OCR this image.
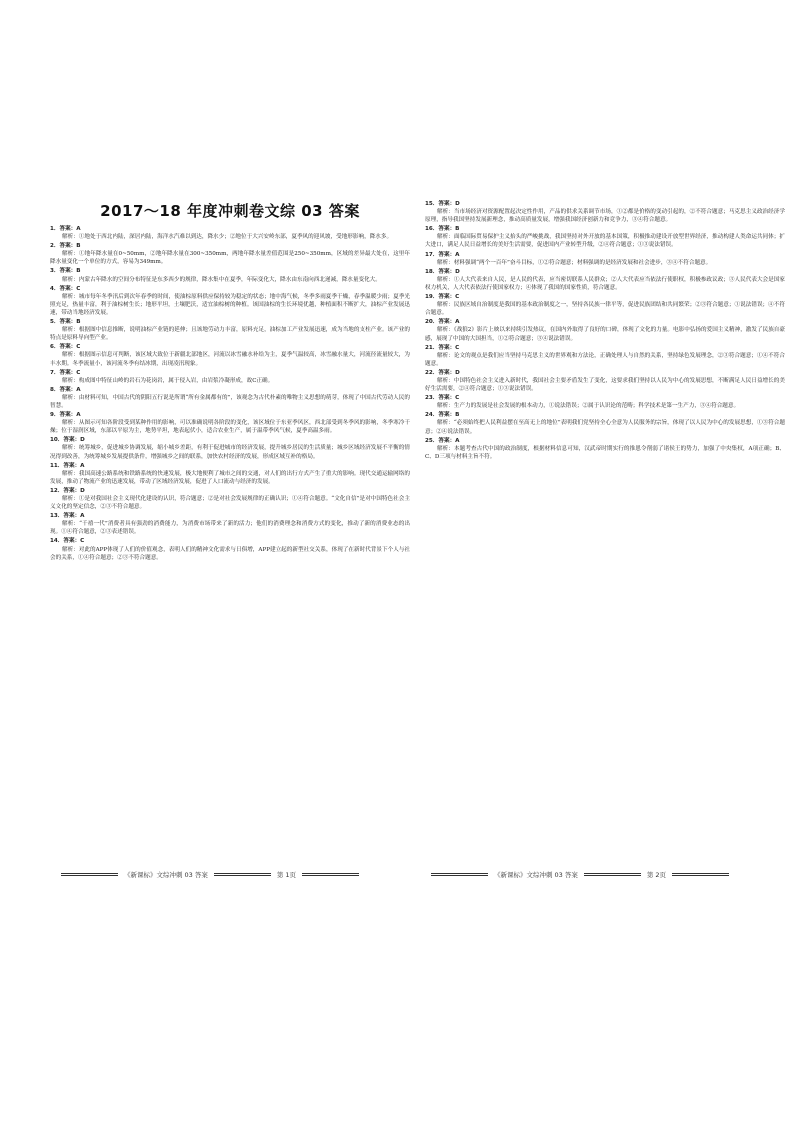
2017～18 年度冲刺卷文综 03 答案
1．答案：A
解析：①地处于西北内陆，深居内陆，海洋水汽难以到达，降水少；②地位于大兴安岭东部，夏季风的迎风坡，受地形影响，降水多。
2．答案：B
解析：①地年降水量在0~50mm，②地年降水量在300~350mm，两地年降水量差值范围是250~350mm，区域的差异最大处在，这里年降水量变化一个单位的方式，容易为349mm。
3．答案：B
解析：内蒙古年降水的空间分布特征是东多西少的规律，降水集中在夏季，年际变化大，降水由东南向西北递减，降水量变化大。
4．答案：C
解析：城市每年冬季汛后到次年春季的时间，使油棕原料供应保持较为稳定的状态；地中海气候，冬季多雨夏季干燥，春季温暖少雨；夏季光照充足，热量丰富，利于油棕树生长；地形平坦，土壤肥沃，适宜油棕树的种植。该国油棕的生长环境优越，种植面积不断扩大，油棕产业发展迅速，带动当地经济发展。
5．答案：B
解析：根据图中信息推断，说明油棕产业链的延伸；且该地劳动力丰富，原料充足，油棕加工产业发展迅速，成为当地的支柱产业。该产业的特点是原料导向型产业。
6．答案：C
解析：根据图示信息可判断，该区域大致位于新疆北部地区，河流以冰雪融水补给为主，夏季气温较高，冰雪融水量大，河流径流量较大，为丰水期。冬季流量小，该河流冬季有结冰期，出现凌汛现象。
7．答案：C
解析：构成图中特征山岭的岩石为花岗岩，属于侵入岩，由岩浆冷凝形成，故C正确。
8．答案：A
解析：由材料可知，中国古代的阴阳五行说是所谓“所有金属都有的”，该观念为古代朴素的唯物主义思想的萌芽，体现了中国古代劳动人民的智慧。
9．答案：A
解析：从图示可知各阶段受到某种作用的影响，可以准确说明各阶段的变化，该区域位于东亚季风区，西北部受到冬季风的影响，冬季寒冷干燥；位于湿润区域，东部以平原为主，地势平坦，地表起伏小，适合农业生产，属于温带季风气候，夏季高温多雨。
10．答案：D
解析：统筹城乡，促进城乡协调发展，缩小城乡差距，有利于促进城市的经济发展，提升城乡居民的生活质量；城乡区域经济发展不平衡的情况得到改善，为统筹城乡发展提供条件，增强城乡之间的联系，加快农村经济的发展，形成区域互补的格局。
11．答案：A
解析：我国高速公路系统和铁路系统的快速发展，极大地便利了城市之间的交通，对人们的出行方式产生了重大的影响。现代交通运输网络的发展，推动了物流产业的迅速发展，带动了区域经济发展，促进了人口流动与经济的发展。
12．答案：D
解析：①是对我国社会主义现代化建设的认识，符合题意；②是对社会发展规律的正确认识；①④符合题意。“文化自信”是对中国特色社会主义文化的坚定信念，②③不符合题意。
13．答案：A
解析：“千禧一代”消费者具有强劲的消费能力，为消费市场带来了新的活力；他们的消费理念和消费方式的变化，推动了新的消费业态的出现。①④符合题意，②③表述错误。
14．答案：C
解析：对此的APP体现了人们的价值观念，表明人们的精神文化需求与日俱增，APP建立起的新型社交关系，体现了在新时代背景下个人与社会的关系，①④符合题意；②③不符合题意。
15．答案：D
解析：当市场经济对资源配置起决定性作用，产品的供求关系调节市场，①②都是价格的变动引起的，②不符合题意；马克思主义政治经济学原理，指导我国坚持发展新理念，推动高质量发展，增强我国经济创新力和竞争力，③④符合题意。
16．答案：B
解析：面临国际贸易保护主义抬头的严峻挑战，我国坚持对外开放的基本国策，积极推动建设开放型世界经济，推动构建人类命运共同体；扩大进口，满足人民日益增长的美好生活需要，促进国内产业转型升级，②④符合题意；①③说法错误。
17．答案：A
解析：材料强调“两个一百年”奋斗目标，①②符合题意；材料强调的是经济发展和社会进步，③④不符合题意。
18．答案：D
解析：①人大代表来自人民，是人民的代表，应当密切联系人民群众；②人大代表应当依法行使职权，积极参政议政；③人民代表大会是国家权力机关，人大代表依法行使国家权力；④体现了我国的国家性质，符合题意。
19．答案：C
解析：民族区域自治制度是我国的基本政治制度之一，坚持各民族一律平等，促进民族团结和共同繁荣；②③符合题意；①说法错误；④不符合题意。
20．答案：A
解析：《战狼2》影片上映以来持续引发热议，在国内外取得了良好的口碑，体现了文化的力量。电影中弘扬的爱国主义精神，激发了民族自豪感，展现了中国的大国担当，①②符合题意；③④说法错误。
21．答案：C
解析：论文的观点是我们应当坚持马克思主义的世界观和方法论，正确处理人与自然的关系，坚持绿色发展理念，②③符合题意；①④不符合题意。
22．答案：D
解析：中国特色社会主义进入新时代，我国社会主要矛盾发生了变化，这要求我们坚持以人民为中心的发展思想，不断满足人民日益增长的美好生活需要，②④符合题意；①③说法错误。
23．答案：C
解析：生产力的发展是社会发展的根本动力，①说法错误；②属于认识论的范畴；科学技术是第一生产力，③④符合题意。
24．答案：B
解析：“必须始终把人民利益摆在至高无上的地位”表明我们党坚持全心全意为人民服务的宗旨，体现了以人民为中心的发展思想，①③符合题意；②④说法错误。
25．答案：A
解析：本题考查古代中国的政治制度，根据材料信息可知，汉武帝时期实行的推恩令削弱了诸侯王的势力，加强了中央集权，A项正确；B、C、D三项与材料主旨不符。
《新课标》文综冲刺 03 答案	第 1页	《新课标》文综冲刺 03 答案	第 2页
